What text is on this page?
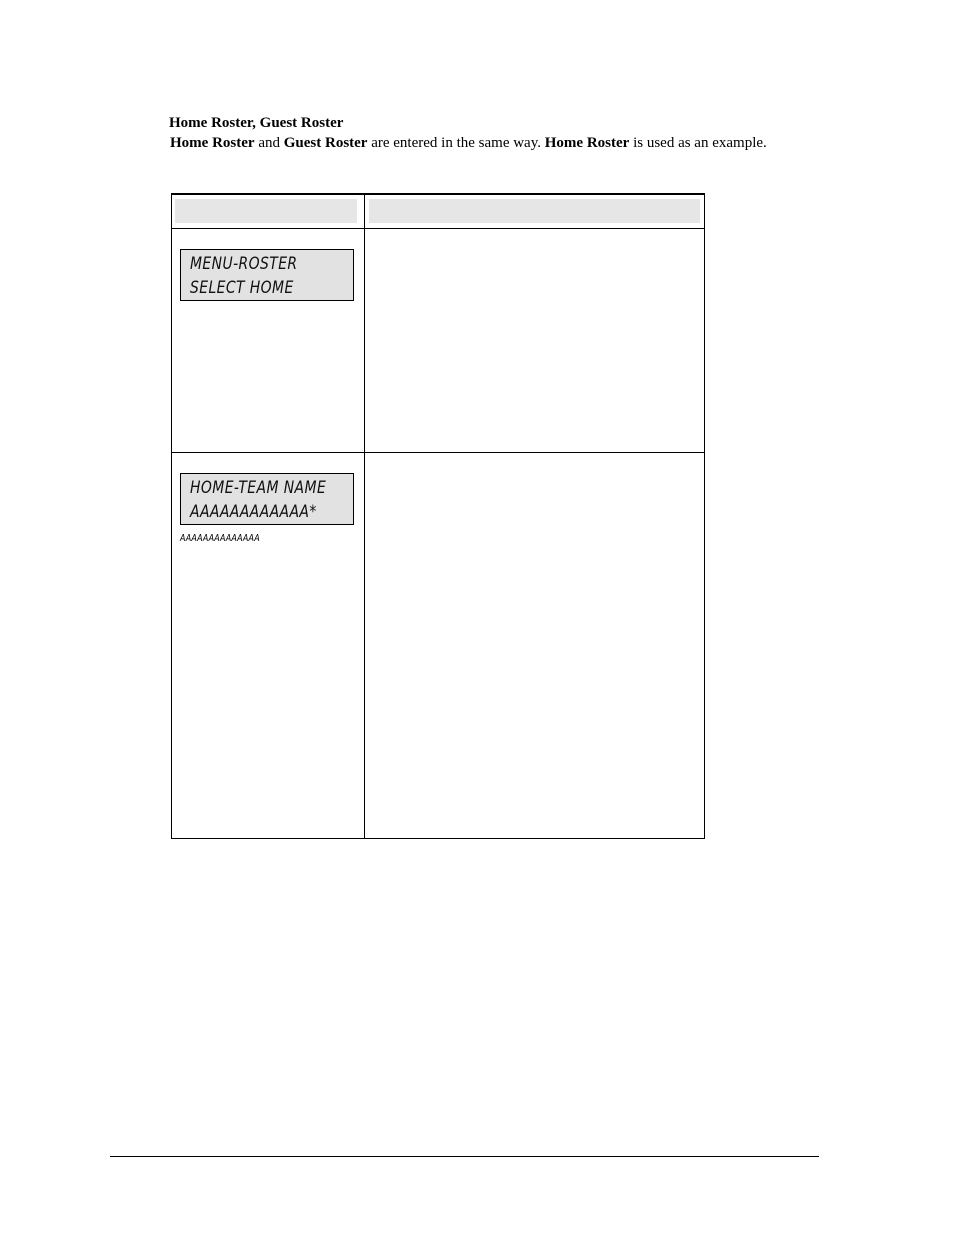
Home Roster, Guest Roster
Home Roster and Guest Roster are entered in the same way. Home Roster is used as an example.
MENU-ROSTER
SELECT HOME
HOME-TEAM NAME
AAAAAAAAAAAA*
AAAAAAAAAAAAAA
